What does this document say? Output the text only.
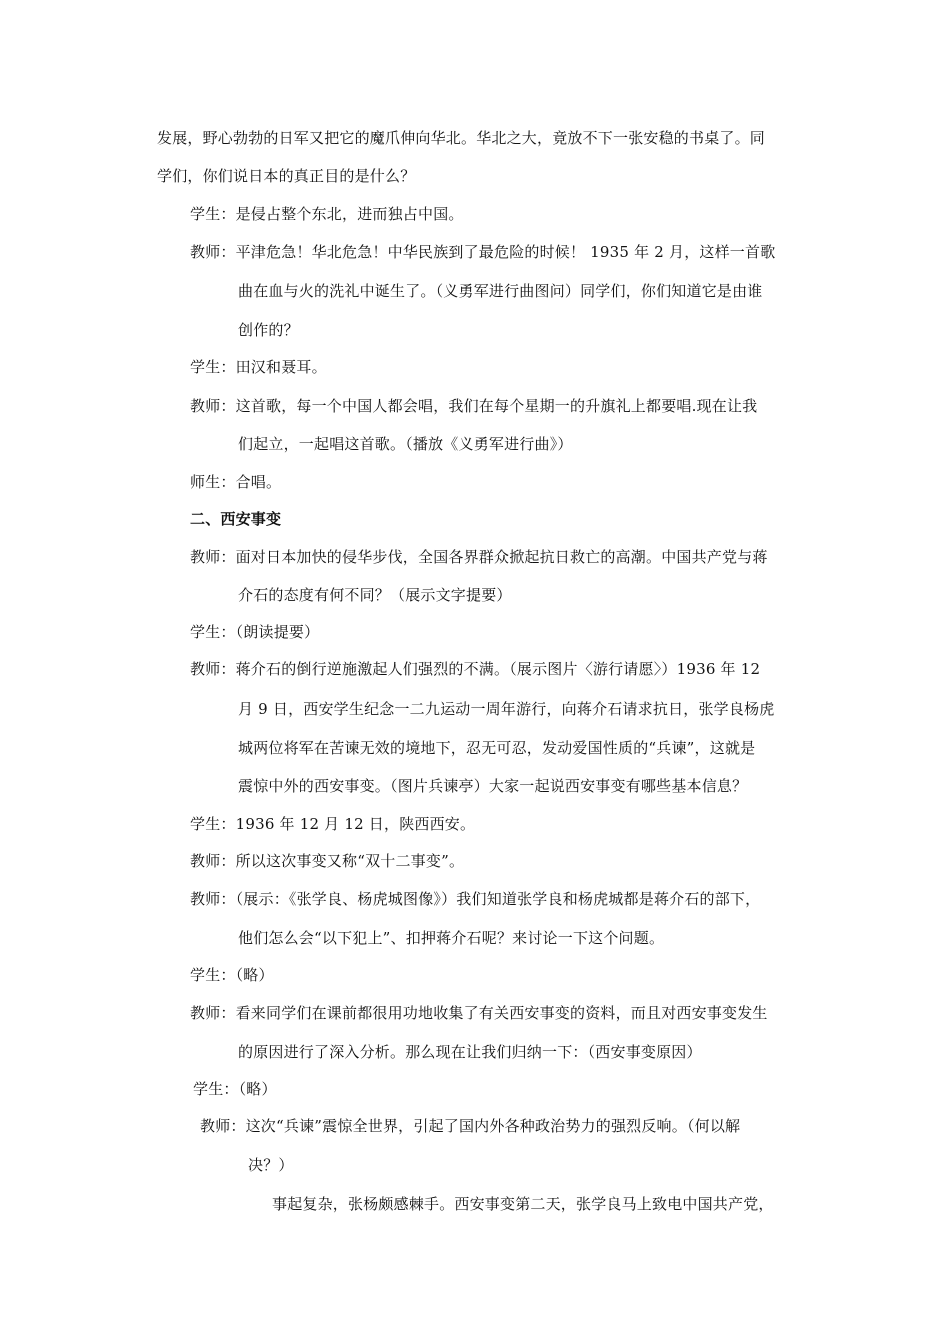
发展，野心勃勃的日军又把它的魔爪伸向华北。华北之大，竟放不下一张安稳的书桌了。同

学们，你们说日本的真正目的是什么？

学生：是侵占整个东北，进而独占中国。

教师：平津危急！华北危急！中华民族到了最危险的时候！ 1935 年 2 月，这样一首歌

曲在血与火的洗礼中诞生了。（义勇军进行曲图问）同学们，你们知道它是由谁

创作的？

学生：田汉和聂耳。

教师：这首歌，每一个中国人都会唱，我们在每个星期一的升旗礼上都要唱.现在让我

们起立，一起唱这首歌。（播放《义勇军进行曲》）

师生：合唱。

二、西安事变

教师：面对日本加快的侵华步伐，全国各界群众掀起抗日救亡的高潮。中国共产党与蒋

介石的态度有何不同？（展示文字提要）

学生：（朗读提要）

教师：蒋介石的倒行逆施激起人们强烈的不满。（展示图片〈游行请愿〉）1936 年 12

月 9 日，西安学生纪念一二九运动一周年游行，向蒋介石请求抗日，张学良杨虎

城两位将军在苦谏无效的境地下，忍无可忍，发动爱国性质的“兵谏”，这就是

震惊中外的西安事变。（图片兵谏亭）大家一起说西安事变有哪些基本信息？

学生：1936 年 12 月 12 日，陕西西安。

教师：所以这次事变又称“双十二事变”。

教师：（展示：《张学良、杨虎城图像》）我们知道张学良和杨虎城都是蒋介石的部下，

他们怎么会“以下犯上”、扣押蒋介石呢？来讨论一下这个问题。

学生：（略）

教师：看来同学们在课前都很用功地收集了有关西安事变的资料，而且对西安事变发生

的原因进行了深入分析。那么现在让我们归纳一下：（西安事变原因）

学生：（略）

教师：这次“兵谏”震惊全世界，引起了国内外各种政治势力的强烈反响。（何以解

决？）

事起复杂，张杨颇感棘手。西安事变第二天，张学良马上致电中国共产党，
